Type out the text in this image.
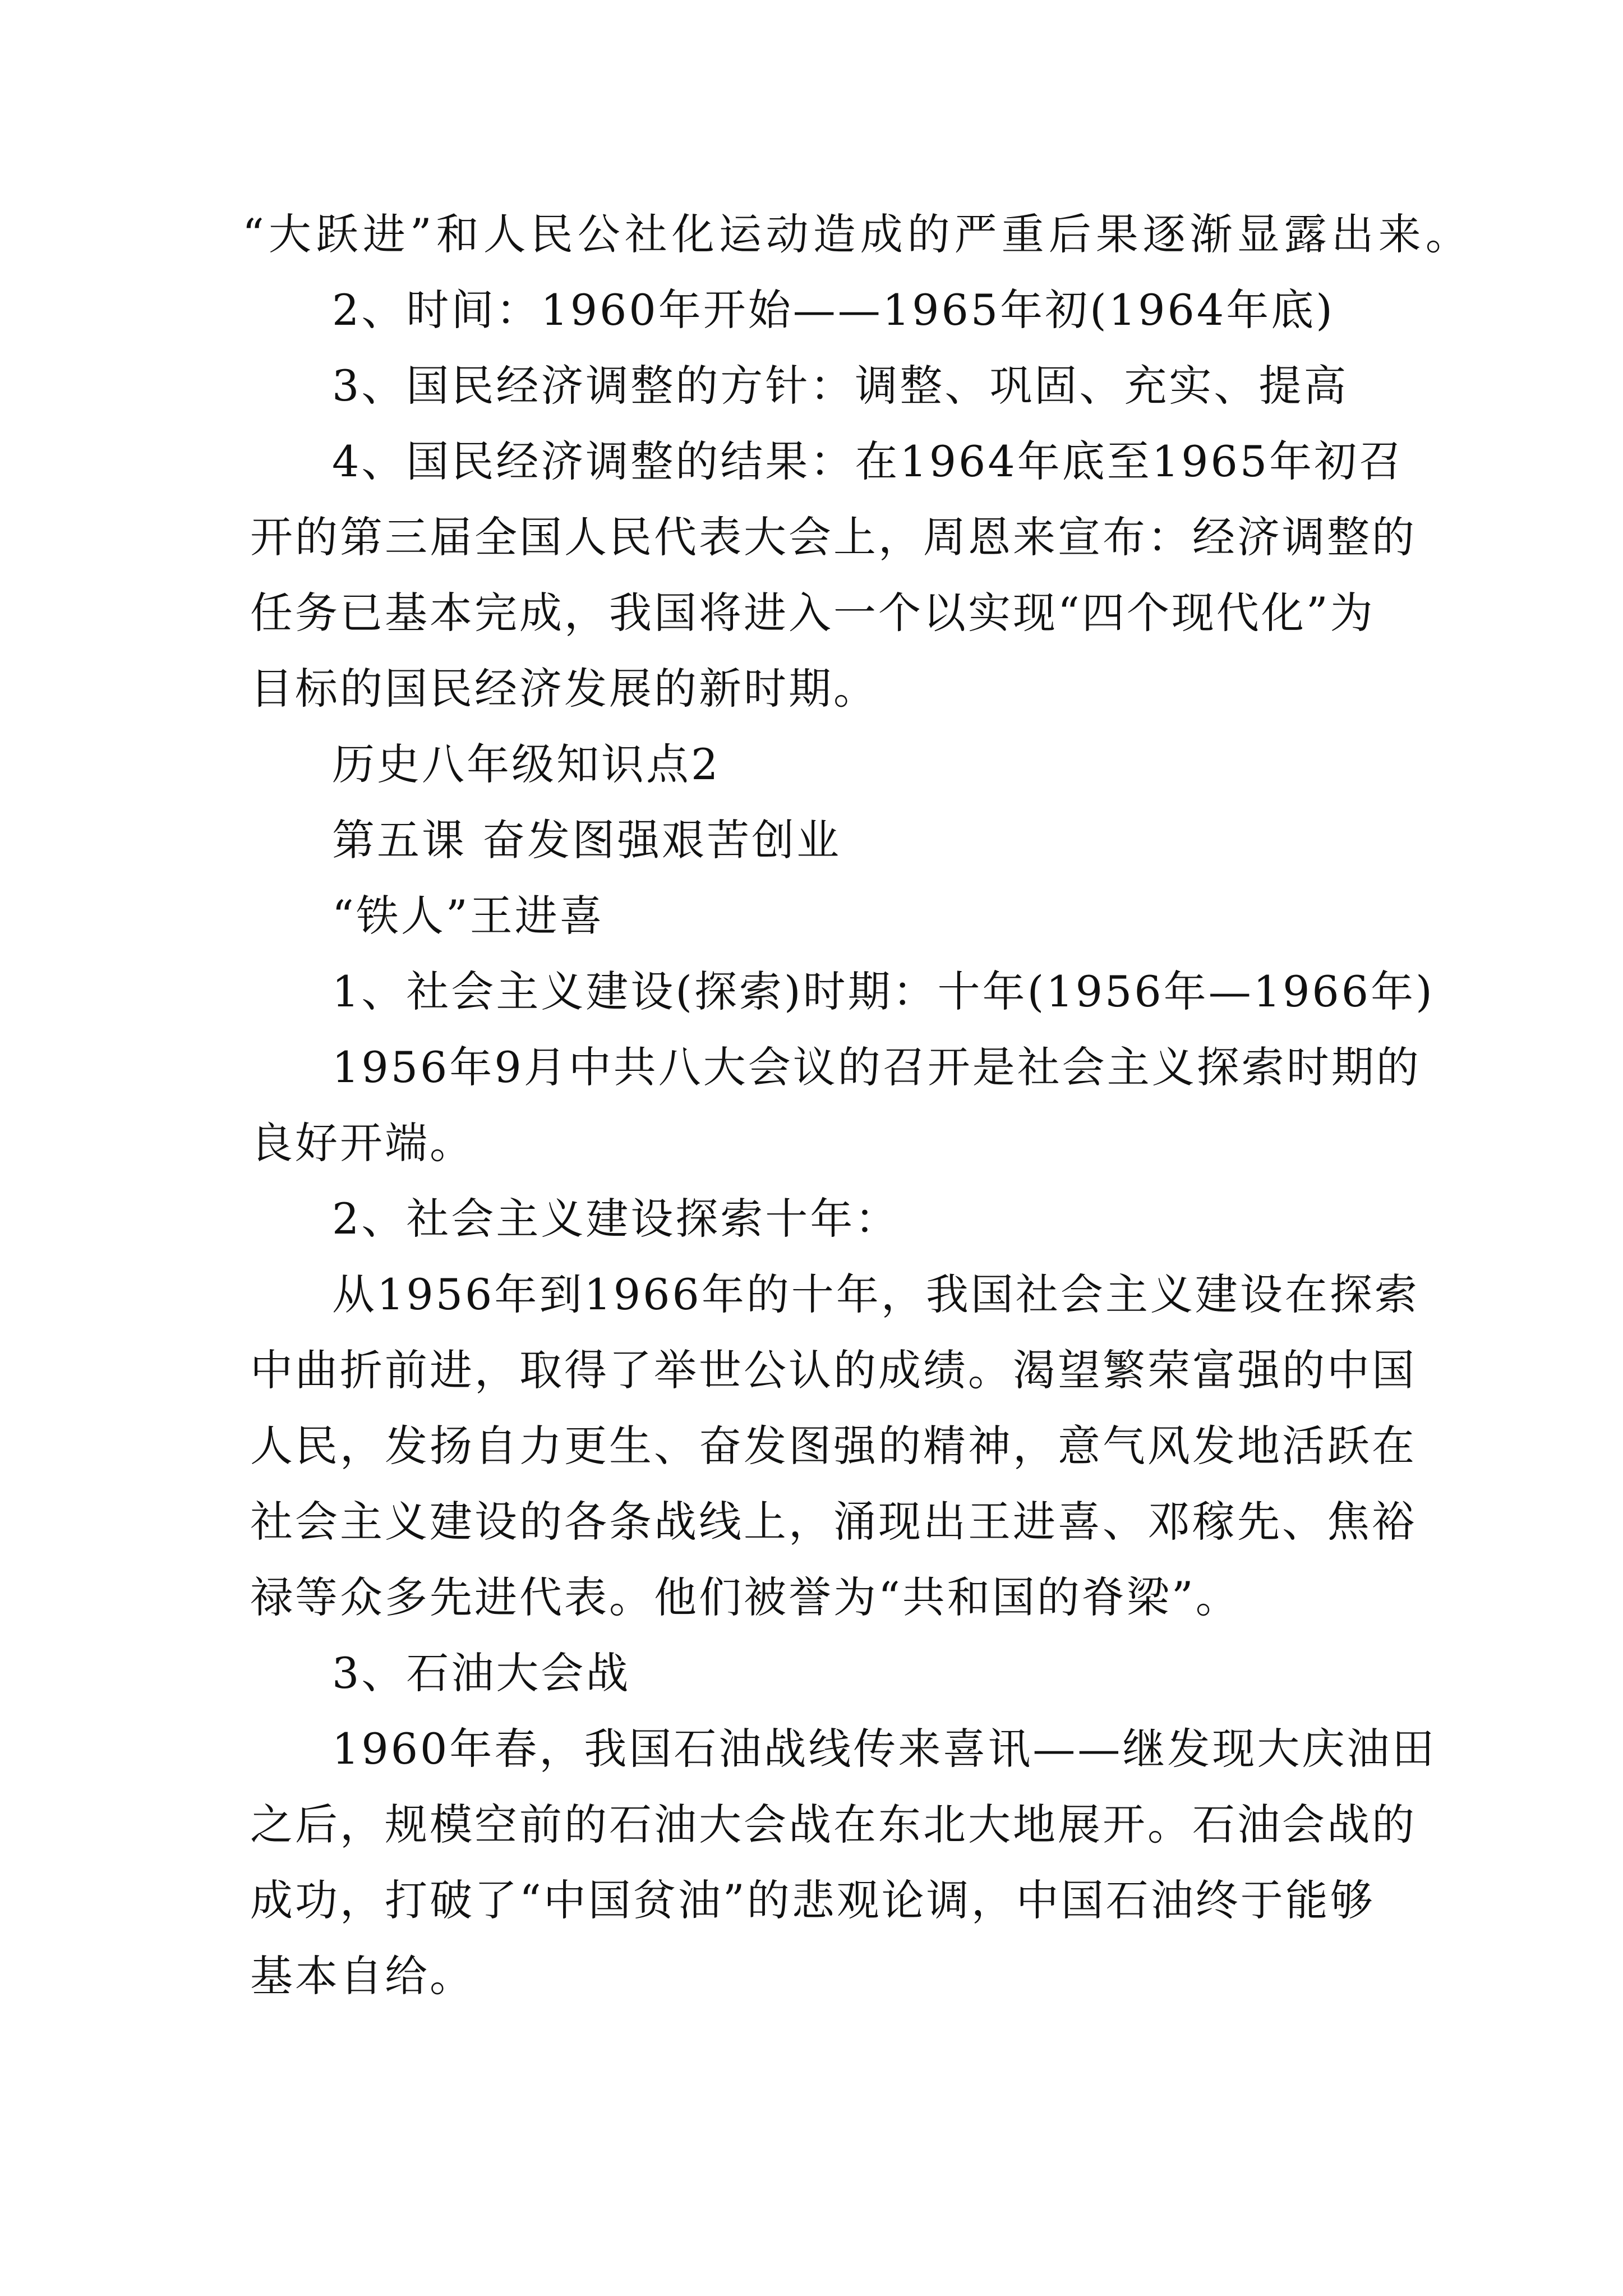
“大跃进”和人民公社化运动造成的严重后果逐渐显露出来。
2、时间：1960年开始——1965年初(1964年底)
3、国民经济调整的方针：调整、巩固、充实、提高
4、国民经济调整的结果：在1964年底至1965年初召
开的第三届全国人民代表大会上，周恩来宣布：经济调整的
任务已基本完成，我国将进入一个以实现“四个现代化”为
目标的国民经济发展的新时期。
历史八年级知识点2
第五课 奋发图强艰苦创业
“铁人”王进喜
1、社会主义建设(探索)时期：十年(1956年—1966年)
1956年9月中共八大会议的召开是社会主义探索时期的
良好开端。
2、社会主义建设探索十年：
从1956年到1966年的十年，我国社会主义建设在探索
中曲折前进，取得了举世公认的成绩。渴望繁荣富强的中国
人民，发扬自力更生、奋发图强的精神，意气风发地活跃在
社会主义建设的各条战线上，涌现出王进喜、邓稼先、焦裕
禄等众多先进代表。他们被誉为“共和国的脊梁”。
3、石油大会战
1960年春，我国石油战线传来喜讯——继发现大庆油田
之后，规模空前的石油大会战在东北大地展开。石油会战的
成功，打破了“中国贫油”的悲观论调，中国石油终于能够
基本自给。
